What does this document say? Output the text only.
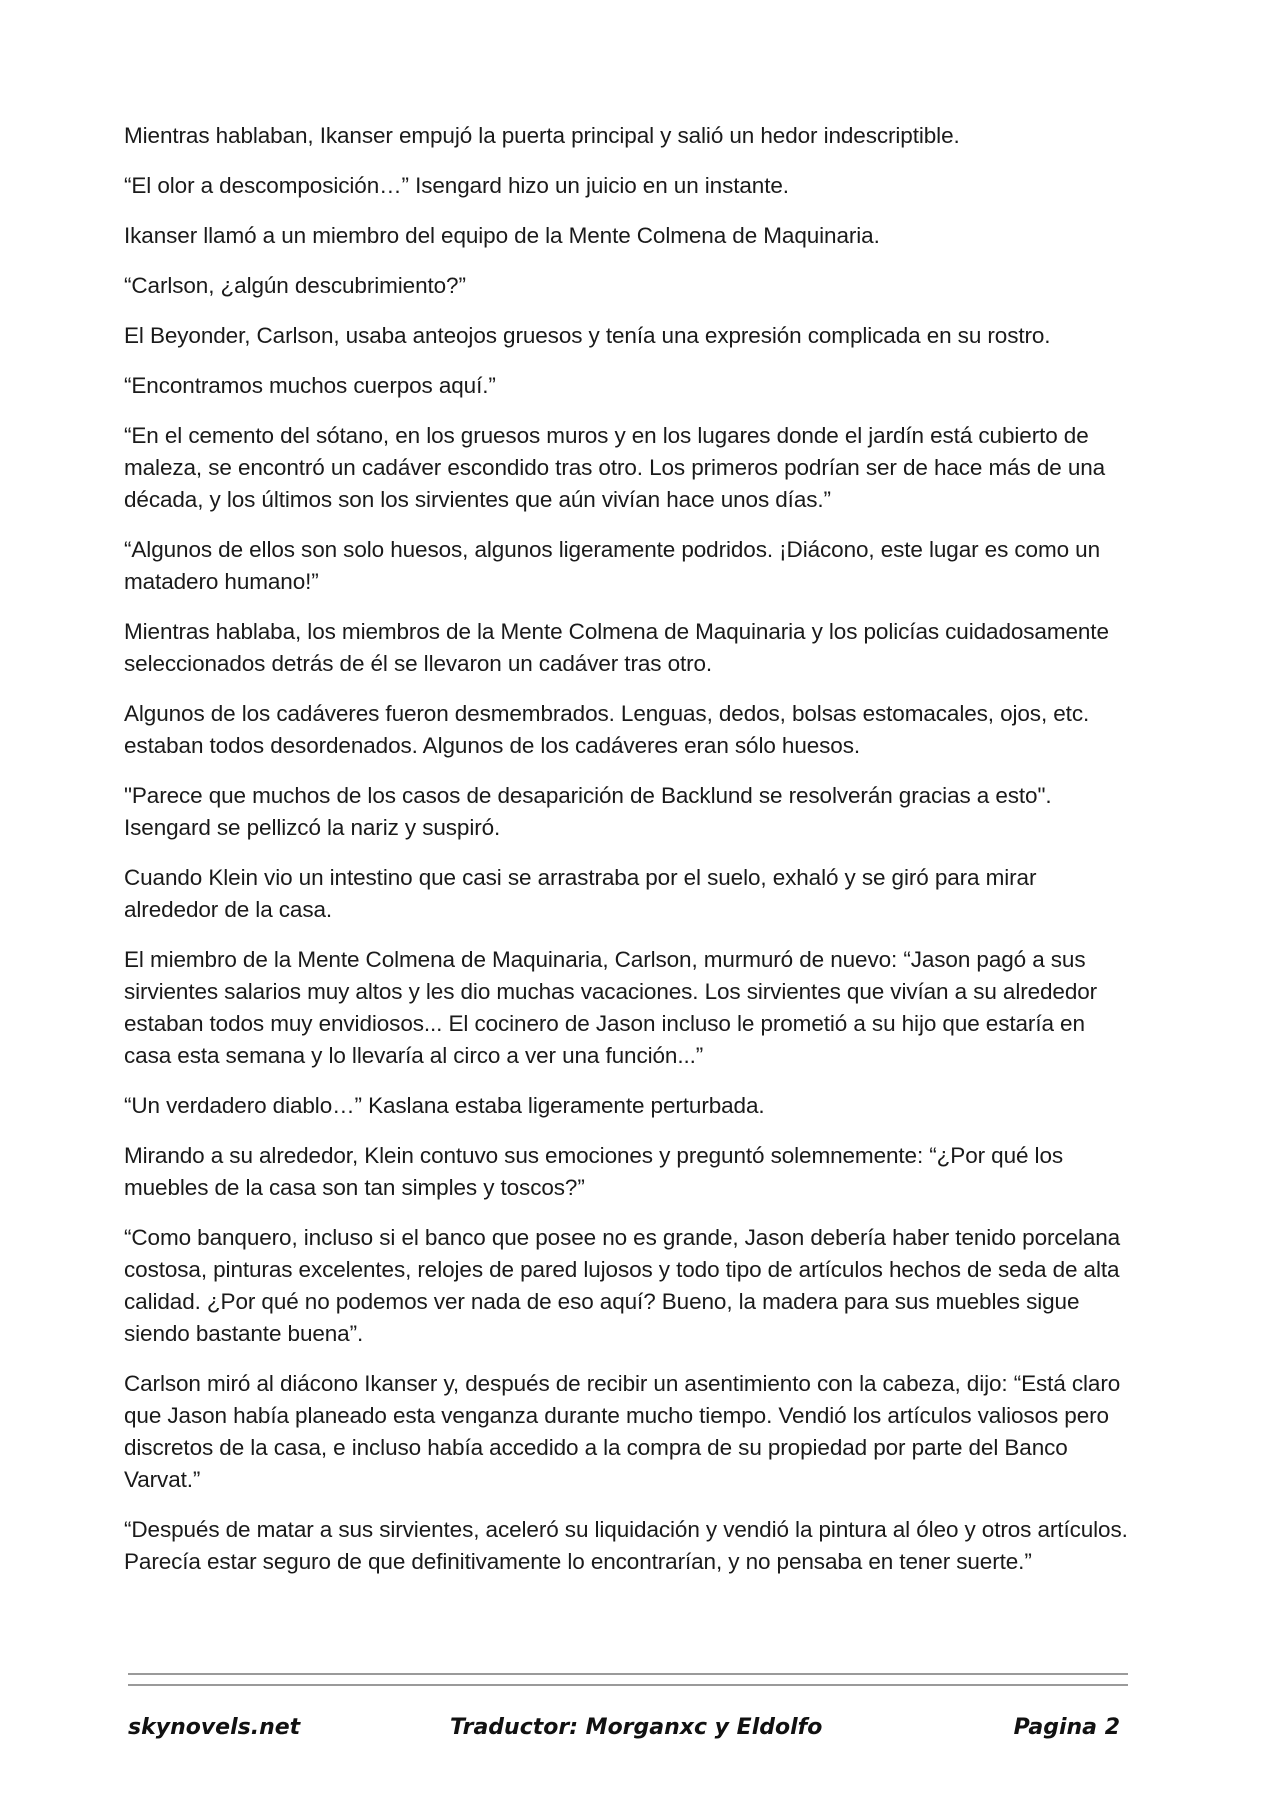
Mientras hablaban, Ikanser empujó la puerta principal y salió un hedor indescriptible.

“El olor a descomposición…” Isengard hizo un juicio en un instante.

Ikanser llamó a un miembro del equipo de la Mente Colmena de Maquinaria.

“Carlson, ¿algún descubrimiento?”

El Beyonder, Carlson, usaba anteojos gruesos y tenía una expresión complicada en su rostro.

“Encontramos muchos cuerpos aquí.”

“En el cemento del sótano, en los gruesos muros y en los lugares donde el jardín está cubierto de maleza, se encontró un cadáver escondido tras otro. Los primeros podrían ser de hace más de una década, y los últimos son los sirvientes que aún vivían hace unos días.”

“Algunos de ellos son solo huesos, algunos ligeramente podridos. ¡Diácono, este lugar es como un matadero humano!”

Mientras hablaba, los miembros de la Mente Colmena de Maquinaria y los policías cuidadosamente seleccionados detrás de él se llevaron un cadáver tras otro.

Algunos de los cadáveres fueron desmembrados. Lenguas, dedos, bolsas estomacales, ojos, etc. estaban todos desordenados. Algunos de los cadáveres eran sólo huesos.

"Parece que muchos de los casos de desaparición de Backlund se resolverán gracias a esto". Isengard se pellizcó la nariz y suspiró.

Cuando Klein vio un intestino que casi se arrastraba por el suelo, exhaló y se giró para mirar alrededor de la casa.

El miembro de la Mente Colmena de Maquinaria, Carlson, murmuró de nuevo: “Jason pagó a sus sirvientes salarios muy altos y les dio muchas vacaciones. Los sirvientes que vivían a su alrededor estaban todos muy envidiosos... El cocinero de Jason incluso le prometió a su hijo que estaría en casa esta semana y lo llevaría al circo a ver una función...”

“Un verdadero diablo…” Kaslana estaba ligeramente perturbada.

Mirando a su alrededor, Klein contuvo sus emociones y preguntó solemnemente: “¿Por qué los muebles de la casa son tan simples y toscos?”

“Como banquero, incluso si el banco que posee no es grande, Jason debería haber tenido porcelana costosa, pinturas excelentes, relojes de pared lujosos y todo tipo de artículos hechos de seda de alta calidad. ¿Por qué no podemos ver nada de eso aquí? Bueno, la madera para sus muebles sigue siendo bastante buena”.

Carlson miró al diácono Ikanser y, después de recibir un asentimiento con la cabeza, dijo: “Está claro que Jason había planeado esta venganza durante mucho tiempo. Vendió los artículos valiosos pero discretos de la casa, e incluso había accedido a la compra de su propiedad por parte del Banco Varvat.”

“Después de matar a sus sirvientes, aceleró su liquidación y vendió la pintura al óleo y otros artículos. Parecía estar seguro de que definitivamente lo encontrarían, y no pensaba en tener suerte.”

skynovels.net	Traductor: Morganxc y Eldolfo	Pagina 2
